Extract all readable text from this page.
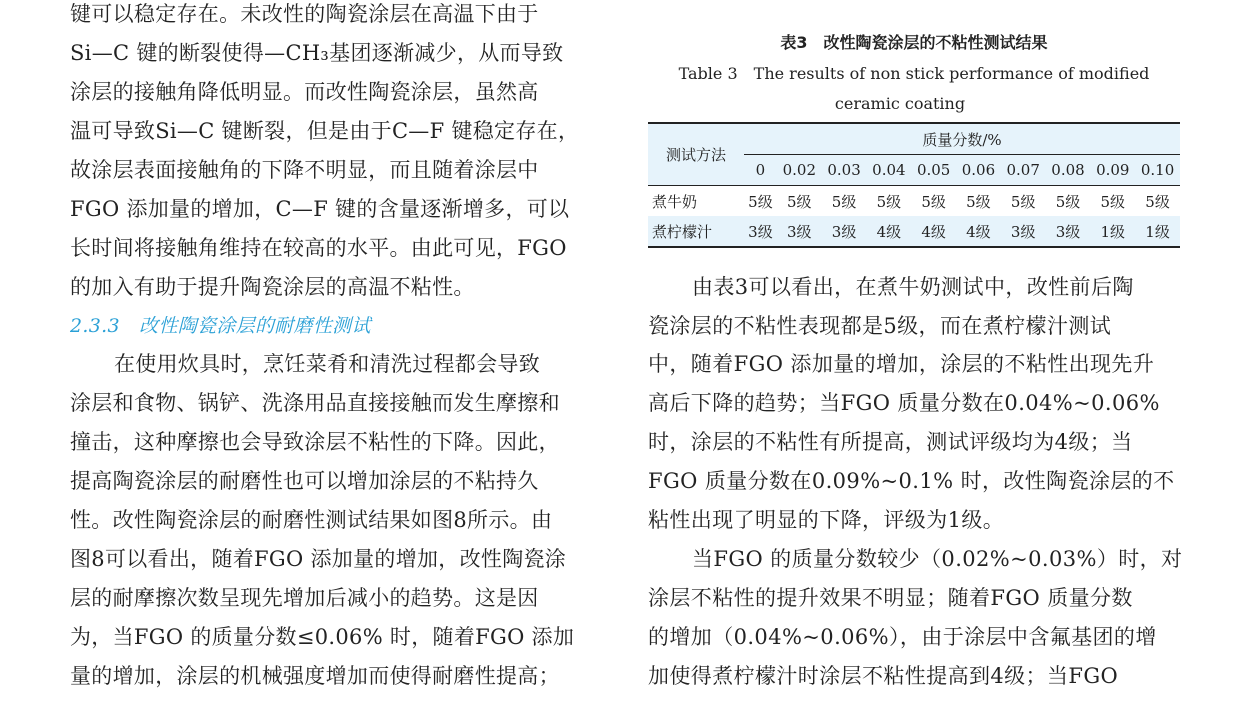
键可以稳定存在。未改性的陶瓷涂层在高温下由于
Si—C 键的断裂使得—CH₃基团逐渐减少，从而导致
涂层的接触角降低明显。而改性陶瓷涂层，虽然高
温可导致Si—C 键断裂，但是由于C—F 键稳定存在，
故涂层表面接触角的下降不明显，而且随着涂层中
FGO 添加量的增加，C—F 键的含量逐渐增多，可以
长时间将接触角维持在较高的水平。由此可见，FGO
的加入有助于提升陶瓷涂层的高温不粘性。
2.3.3　改性陶瓷涂层的耐磨性测试
在使用炊具时，烹饪菜肴和清洗过程都会导致
涂层和食物、锅铲、洗涤用品直接接触而发生摩擦和
撞击，这种摩擦也会导致涂层不粘性的下降。因此，
提高陶瓷涂层的耐磨性也可以增加涂层的不粘持久
性。改性陶瓷涂层的耐磨性测试结果如图8所示。由
图8可以看出，随着FGO 添加量的增加，改性陶瓷涂
层的耐摩擦次数呈现先增加后减小的趋势。这是因
为，当FGO 的质量分数≤0.06% 时，随着FGO 添加
量的增加，涂层的机械强度增加而使得耐磨性提高；
表3　改性陶瓷涂层的不粘性测试结果
Table 3　The results of non stick performance of modified
ceramic coating
测试方法	质量分数/%									
	0	0.02	0.03	0.04	0.05	0.06	0.07	0.08	0.09	0.10
煮牛奶	5级	5级	5级	5级	5级	5级	5级	5级	5级	5级
煮柠檬汁	3级	3级	3级	4级	4级	4级	3级	3级	1级	1级
由表3可以看出，在煮牛奶测试中，改性前后陶
瓷涂层的不粘性表现都是5级，而在煮柠檬汁测试
中，随着FGO 添加量的增加，涂层的不粘性出现先升
高后下降的趋势；当FGO 质量分数在0.04%~0.06%
时，涂层的不粘性有所提高，测试评级均为4级；当
FGO 质量分数在0.09%~0.1% 时，改性陶瓷涂层的不
粘性出现了明显的下降，评级为1级。
当FGO 的质量分数较少（0.02%~0.03%）时，对
涂层不粘性的提升效果不明显；随着FGO 质量分数
的增加（0.04%~0.06%），由于涂层中含氟基团的增
加使得煮柠檬汁时涂层不粘性提高到4级；当FGO
